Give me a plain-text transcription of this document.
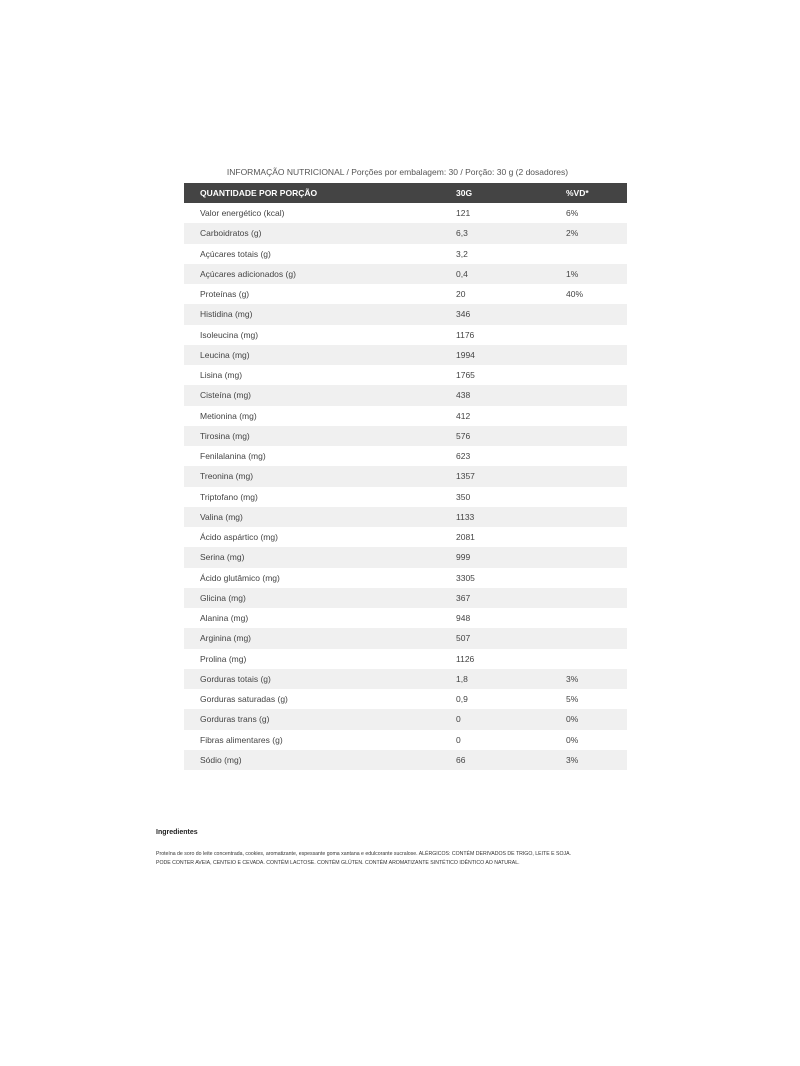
INFORMAÇÃO NUTRICIONAL / Porções por embalagem: 30 / Porção: 30 g (2 dosadores)
QUANTIDADE POR PORÇÃO	30G	%VD*
Valor energético (kcal)	121	6%
Carboidratos (g)	6,3	2%
Açúcares totais (g)	3,2	
Açúcares adicionados (g)	0,4	1%
Proteínas (g)	20	40%
Histidina (mg)	346	
Isoleucina (mg)	1176	
Leucina (mg)	1994	
Lisina (mg)	1765	
Cisteína (mg)	438	
Metionina (mg)	412	
Tirosina (mg)	576	
Fenilalanina (mg)	623	
Treonina (mg)	1357	
Triptofano (mg)	350	
Valina (mg)	1133	
Ácido aspártico (mg)	2081	
Serina (mg)	999	
Ácido glutâmico (mg)	3305	
Glicina (mg)	367	
Alanina (mg)	948	
Arginina (mg)	507	
Prolina (mg)	1126	
Gorduras totais (g)	1,8	3%
Gorduras saturadas (g)	0,9	5%
Gorduras trans (g)	0	0%
Fibras alimentares (g)	0	0%
Sódio (mg)	66	3%

Ingredientes

Proteína de soro do leite concentrada, cookies, aromatizante, espessante goma xantana e edulcorante sucralose. ALÉRGICOS: CONTÉM DERIVADOS DE TRIGO, LEITE E SOJA.
PODE CONTER AVEIA, CENTEIO E CEVADA. CONTÉM LACTOSE. CONTÉM GLÚTEN. CONTÉM AROMATIZANTE SINTÉTICO IDÊNTICO AO NATURAL.
